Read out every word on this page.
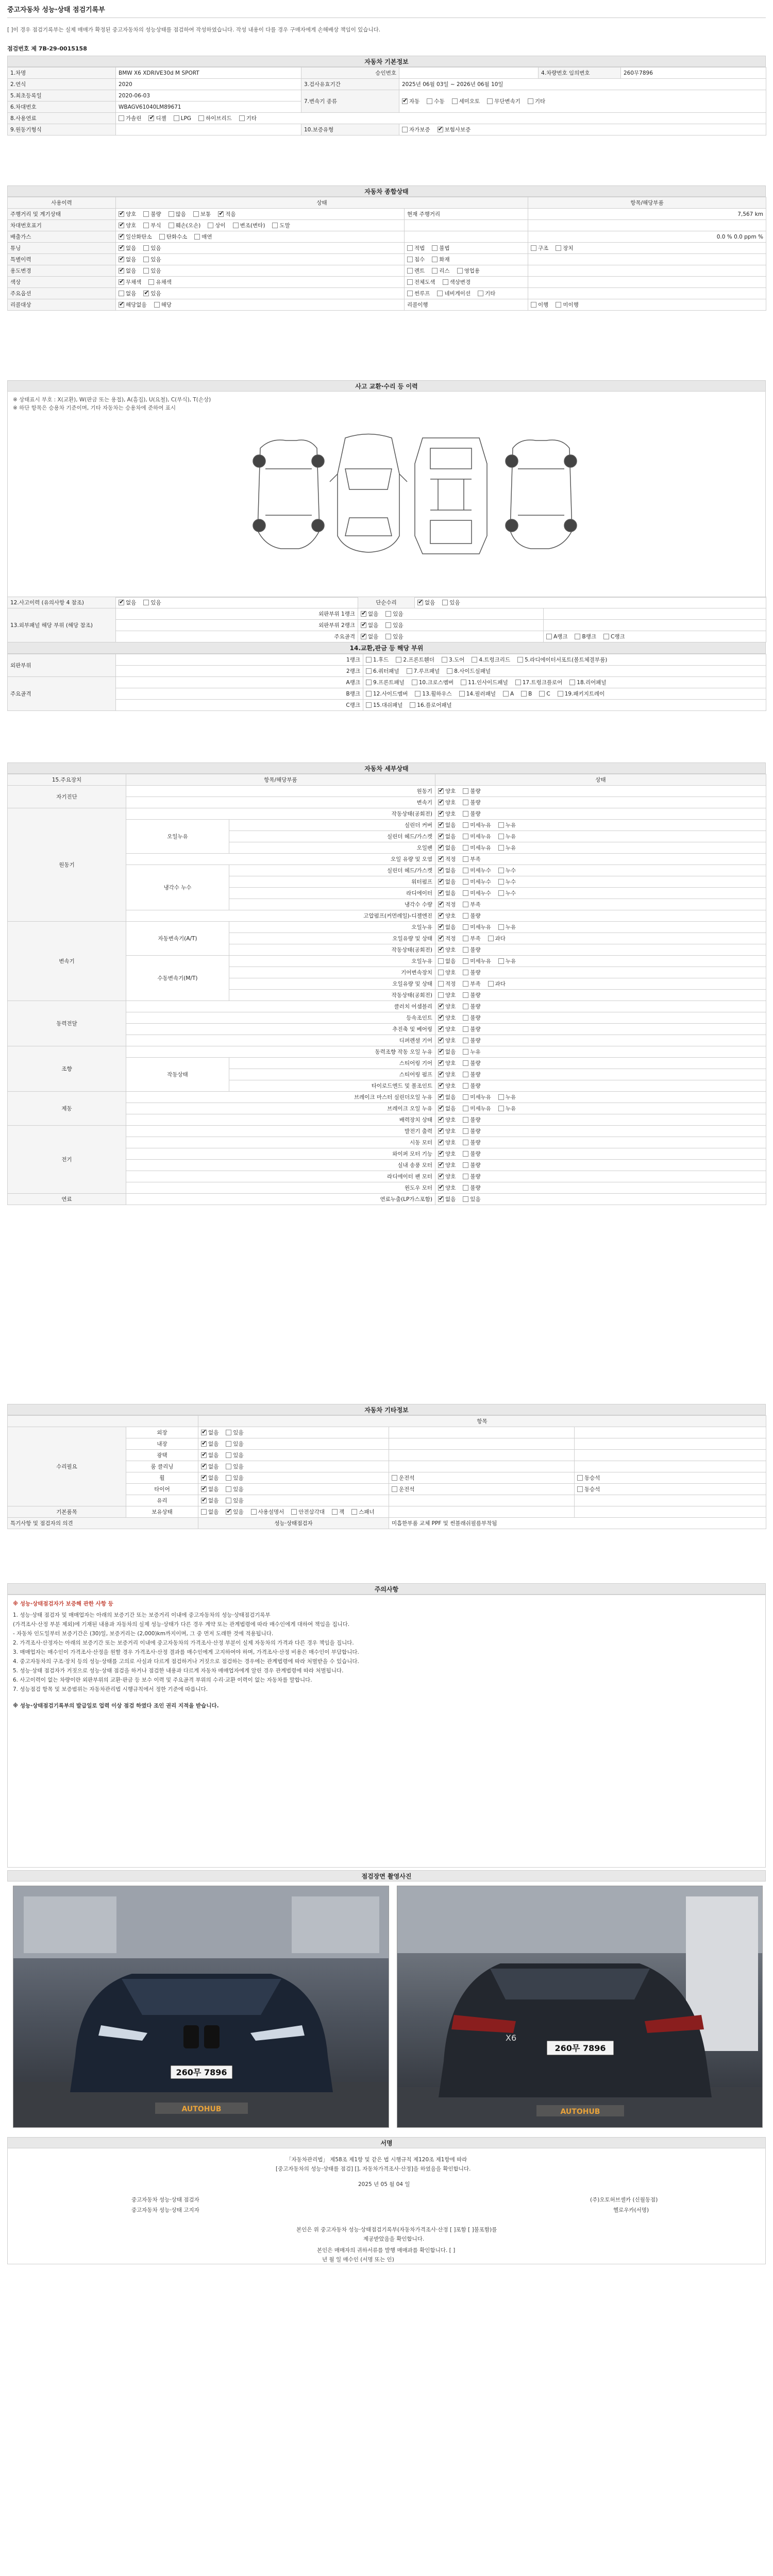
중고자동차 성능·상태 점검기록부
[ ]이 경우 점검기록부는 실제 매매가 확정된 중고자동차의 성능상태를 점검하여 작성하였습니다. 작성 내용이 다를 경우 구매자에게 손해배상 책임이 있습니다.
점검번호 제 7B-29-0015158
자동차 기본정보
1.차명	BMW X6 XDRIVE30d M SPORT	승인번호		4.차량번호 임의변호	260무7896
2.연식	2020	3.검사유효기간	2025년 06월 03일 ~ 2026년 06월 10일		
5.최초등록일	2020-06-03	7.변속기 종류	✔자동 수동 세미오토 무단변속기 기타
6.차대번호	WBAGV61040LM89671				
8.사용연료	가솔린 ✔ 디젤 LPG 하이브리드 기타
9.원동기형식		10.보증유형	자가보증 ✔ 보험사보증
자동차 종합상태
사용이력	상태		항목/해당부품
주행거리 및 계기상태	✔양호 불량 많음 보통 ✔ 적음	현재 주행거리	7,567 km
차대번호표기	✔양호 부식 훼손(오손) 상이 변조(변타) 도말		
배출가스	✔일산화탄소 탄화수소 매연		0.0 % 0.0 ppm %
튜닝	✔없음 있음	적법 불법	구조 장치
특별이력	✔없음 있음	침수 화재	
용도변경	✔없음 있음	렌트 리스 영업용	
색상	✔무채색 유채색	전체도색 색상변경	
주요옵션	없음 ✔ 있음	썬루프 네비게이션 기타	
리콜대상	✔해당없음 해당	리콜이행	이행 미이행
사고 교환·수리 등 이력
※ 상태표시 부호 : X(교환), W(판금 또는 용접), A(흠집), U(요철), C(부식), T(손상)
※ 하단 항목은 승용차 기준이며, 기타 자동차는 승용차에 준하여 표시
12.사고이력 (유의사항 4 참조)	✔없음 있음	단순수리	✔없음 있음
13.외부패널 해당 부위 (해당 참조)	외판부위 1랭크	✔없음 있음	
	외판부위 2랭크	✔없음 있음	
	주요골격	✔없음 있음		A랭크 B랭크 C랭크
14.교환,판금 등 해당 부위
외판부위	1랭크	1.후드 2.프론트휀더 3.도어 4.트렁크리드 5.라디에이터서포트(볼트체결부품)
	2랭크	6.쿼터패널 7.루프패널 8.사이드실패널
주요골격	A랭크	9.프론트패널 10.크로스멤버 11.인사이드패널 17.트렁크플로어 18.리어패널
	B랭크	12.사이드멤버 13.휠하우스 14.필러패널 A B C 19.패키지트레이
	C랭크	15.대쉬패널 16.플로어패널
자동차 세부상태
15.주요장치	항목/해당부품		상태
자기진단	원동기	✔양호 불량
	변속기	✔양호 불량
원동기	작동상태(공회전)	✔양호 불량
	오일누유	실린더 커버	✔없음 미세누유 누유
		실린더 헤드/가스켓	✔없음 미세누유 누유
		오일팬	✔없음 미세누유 누유
	오일 유량 및 오염	✔적정 부족
	냉각수 누수	실린더 헤드/가스켓	✔없음 미세누수 누수
		워터펌프	✔없음 미세누수 누수
		라디에이터	✔없음 미세누수 누수
		냉각수 수량	✔적정 부족
	고압펌프(커먼레일)-디젤엔진	✔양호 불량
변속기	자동변속기(A/T)	오일누유	✔없음 미세누유 누유
		오일유량 및 상태	✔적정 부족 과다
		작동상태(공회전)	✔양호 불량
	수동변속기(M/T)	오일누유	없음 미세누유 누유
		기어변속장치	양호 불량
		오일유량 및 상태	적정 부족 과다
		작동상태(공회전)	양호 불량
동력전달	클러치 어셈블리	✔양호 불량
	등속조인트	✔양호 불량
	추진축 및 베어링	✔양호 불량
	디퍼렌셜 기어	✔양호 불량
조향	동력조향 작동 오일 누유	✔없음 누유
	작동상태	스티어링 기어	✔양호 불량
		스티어링 펌프	✔양호 불량
		타이로드엔드 및 볼조인트	✔양호 불량
제동	브레이크 마스터 실린더오일 누유	✔없음 미세누유 누유
	브레이크 오일 누유	✔없음 미세누유 누유
	배력장치 상태	✔양호 불량
전기	발전기 출력	✔양호 불량
	시동 모터	✔양호 불량
	와이퍼 모터 기능	✔양호 불량
	실내 송풍 모터	✔양호 불량
	라디에이터 팬 모터	✔양호 불량
	윈도우 모터	✔양호 불량
연료	연료누출(LP가스포함)	✔없음 있음
자동차 기타정보
		항목		
수리필요	외장	✔없음 있음		
	내장	✔없음 있음		
	광택	✔없음 있음		
	룸 클리닝	✔없음 있음		
	휠	✔없음 있음	운전석	동승석
	타이어	✔없음 있음	운전석	동승석
	유리	✔없음 있음		
기본품목	보유상태	없음 ✔ 있음 사용설명서 안전삼각대 잭 스패너		
특기사항 및 점검자의 의견		성능·상태점검자	미흡한부품 교체 PPF 및 썬블래쉬필름부착됨	
주의사항
※ 성능·상태점검자가 보증해 관한 사항 등
1. 성능·상태 점검자 및 매매업자는 아래의 보증기간 또는 보증거리 이내에 중고자동차의 성능·상태점검기록부
(가격조사·산정 부분 제외)에 기재된 내용과 자동차의 실제 성능·상태가 다른 경우 계약 또는 관계법령에 따라 매수인에게 대하여 책임을 집니다.
- 자동차 인도일부터 보증기간은 (30)일, 보증거리는 (2,000)km까지이며, 그 중 먼저 도래한 것에 적용됩니다.
2. 가격조사·산정자는 아래의 보증기간 또는 보증거리 이내에 중고자동차의 가격조사·산정 부분이 실제 자동차의 가격과 다른 경우 책임을 집니다.
3. 매매업자는 매수인이 가격조사·산정을 원할 경우 가격조사·산정 결과를 매수인에게 고지하여야 하며, 가격조사·산정 비용은 매수인이 부담합니다.
4. 중고자동차의 구조·장치 등의 성능·상태를 고의로 사실과 다르게 점검하거나 거짓으로 점검하는 경우에는 관계법령에 따라 처벌받을 수 있습니다.
5. 성능·상태 점검자가 거짓으로 성능·상태 점검을 하거나 점검한 내용과 다르게 자동차 매매업자에게 알린 경우 관계법령에 따라 처벌됩니다.
6. 사고이력이 없는 차량이란 외판부위의 교환·판금 등 보수 이력 및 주요골격 부위의 수리·교환 이력이 없는 자동차를 말합니다.
7. 성능점검 항목 및 보증범위는 자동차관리법 시행규칙에서 정한 기준에 따릅니다.
※ 성능·상태점검기록부의 발급일로 업력 이상 점검 하였다 조인 권리 지적을 받습니다.
점검장면 촬영사진
260무 7896
AUTOHUB
X6
260무 7896
AUTOHUB
서명
「자동차관리법」 제58조 제1항 및 같은 법 시행규칙 제120조 제1항에 따라
[중고자동차의 성능·상태를 점검] [], 자동차가격조사·산정]을 하였음을 확인합니다.
2025 년 05 월 04 일
중고자동차 성능·상태 점검자	(주)오토허브셀카 (신월동점)
중고자동차 성능·상태 고지자	헬로우카(서명)
본인은 위 중고자동차 성능·상태점검기록부(자동차가격조사·산정 [ ]포함 [ ]불포함)를
제공받았음을 확인합니다.
본인은 매매자의 귀하서류를 발행 매매과를 확인합니다. [ ]
년 월 일 매수인 (서명 또는 인)
